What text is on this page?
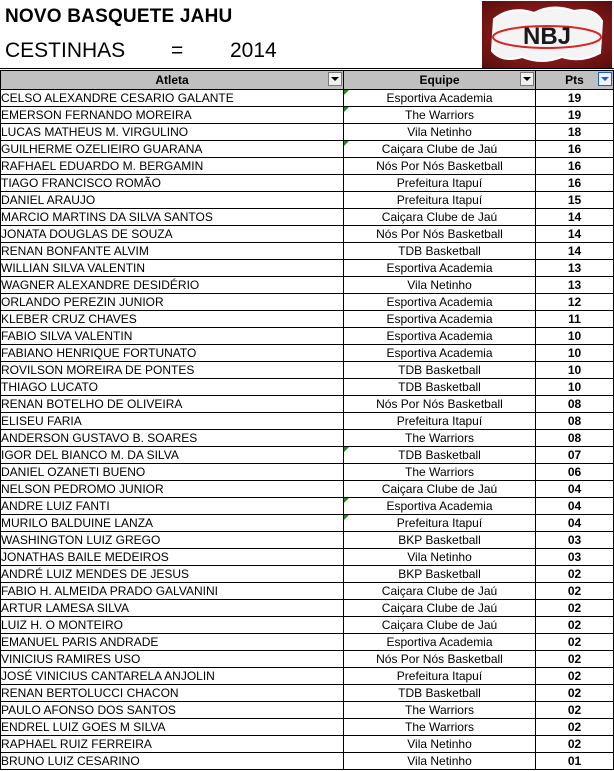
NOVO BASQUETE JAHU
CESTINHAS = 2014
NBJ
Atleta	Equipe	Pts

CELSO ALEXANDRE CESARIO GALANTE	Esportiva Academia	19
EMERSON FERNANDO MOREIRA	The Warriors	19
LUCAS MATHEUS M. VIRGULINO	Vila Netinho	18
GUILHERME OZELIEIRO GUARANA	Caiçara Clube de Jaú	16
RAFHAEL EDUARDO M. BERGAMIN	Nós Por Nós Basketball	16
TIAGO FRANCISCO ROMÃO	Prefeitura Itapuí	16
DANIEL ARAUJO	Prefeitura Itapuí	15
MARCIO MARTINS DA SILVA SANTOS	Caiçara Clube de Jaú	14
JONATA DOUGLAS DE SOUZA	Nós Por Nós Basketball	14
RENAN BONFANTE ALVIM	TDB Basketball	14
WILLIAN SILVA VALENTIN	Esportiva Academia	13
WAGNER ALEXANDRE DESIDÉRIO	Vila Netinho	13
ORLANDO PEREZIN JUNIOR	Esportiva Academia	12
KLEBER CRUZ CHAVES	Esportiva Academia	11
FABIO SILVA VALENTIN	Esportiva Academia	10
FABIANO HENRIQUE FORTUNATO	Esportiva Academia	10
ROVILSON MOREIRA DE PONTES	TDB Basketball	10
THIAGO LUCATO	TDB Basketball	10
RENAN BOTELHO DE OLIVEIRA	Nós Por Nós Basketball	08
ELISEU FARIA	Prefeitura Itapuí	08
ANDERSON GUSTAVO B. SOARES	The Warriors	08
IGOR DEL BIANCO M. DA SILVA	TDB Basketball	07
DANIEL OZANETI BUENO	The Warriors	06
NELSON PEDROMO JUNIOR	Caiçara Clube de Jaú	04
ANDRE LUIZ FANTI	Esportiva Academia	04
MURILO BALDUINE LANZA	Prefeitura Itapuí	04
WASHINGTON LUIZ GREGO	BKP Basketball	03
JONATHAS BAILE MEDEIROS	Vila Netinho	03
ANDRÉ LUIZ MENDES DE JESUS	BKP Basketball	02
FABIO H. ALMEIDA PRADO GALVANINI	Caiçara Clube de Jaú	02
ARTUR LAMESA SILVA	Caiçara Clube de Jaú	02
LUIZ H. O MONTEIRO	Caiçara Clube de Jaú	02
EMANUEL PARIS ANDRADE	Esportiva Academia	02
VINICIUS RAMIRES USO	Nós Por Nós Basketball	02
JOSÉ VINICIUS CANTARELA ANJOLIN	Prefeitura Itapuí	02
RENAN BERTOLUCCI CHACON	TDB Basketball	02
PAULO AFONSO DOS SANTOS	The Warriors	02
ENDREL LUIZ GOES M SILVA	The Warriors	02
RAPHAEL RUIZ FERREIRA	Vila Netinho	02
BRUNO LUIZ CESARINO	Vila Netinho	01
